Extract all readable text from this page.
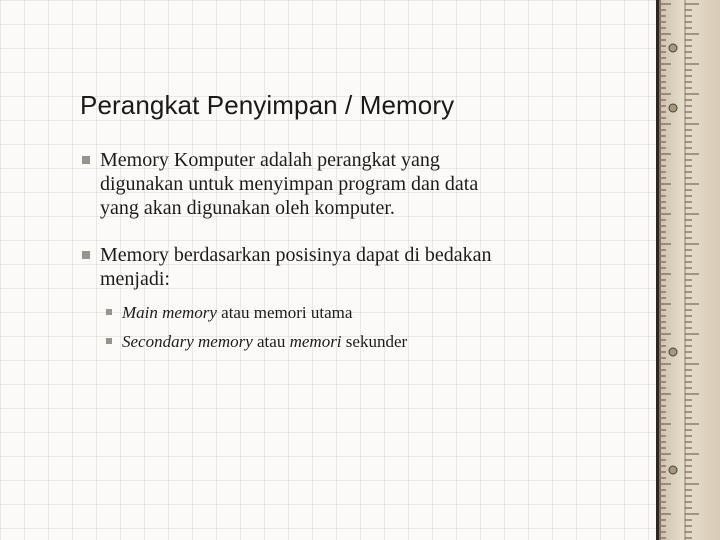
Perangkat Penyimpan / Memory
Memory Komputer adalah perangkat yang
digunakan untuk menyimpan program dan data
yang akan digunakan oleh komputer.
Memory berdasarkan posisinya dapat di bedakan
menjadi:
Main memory atau memori utama
Secondary memory atau memori sekunder
